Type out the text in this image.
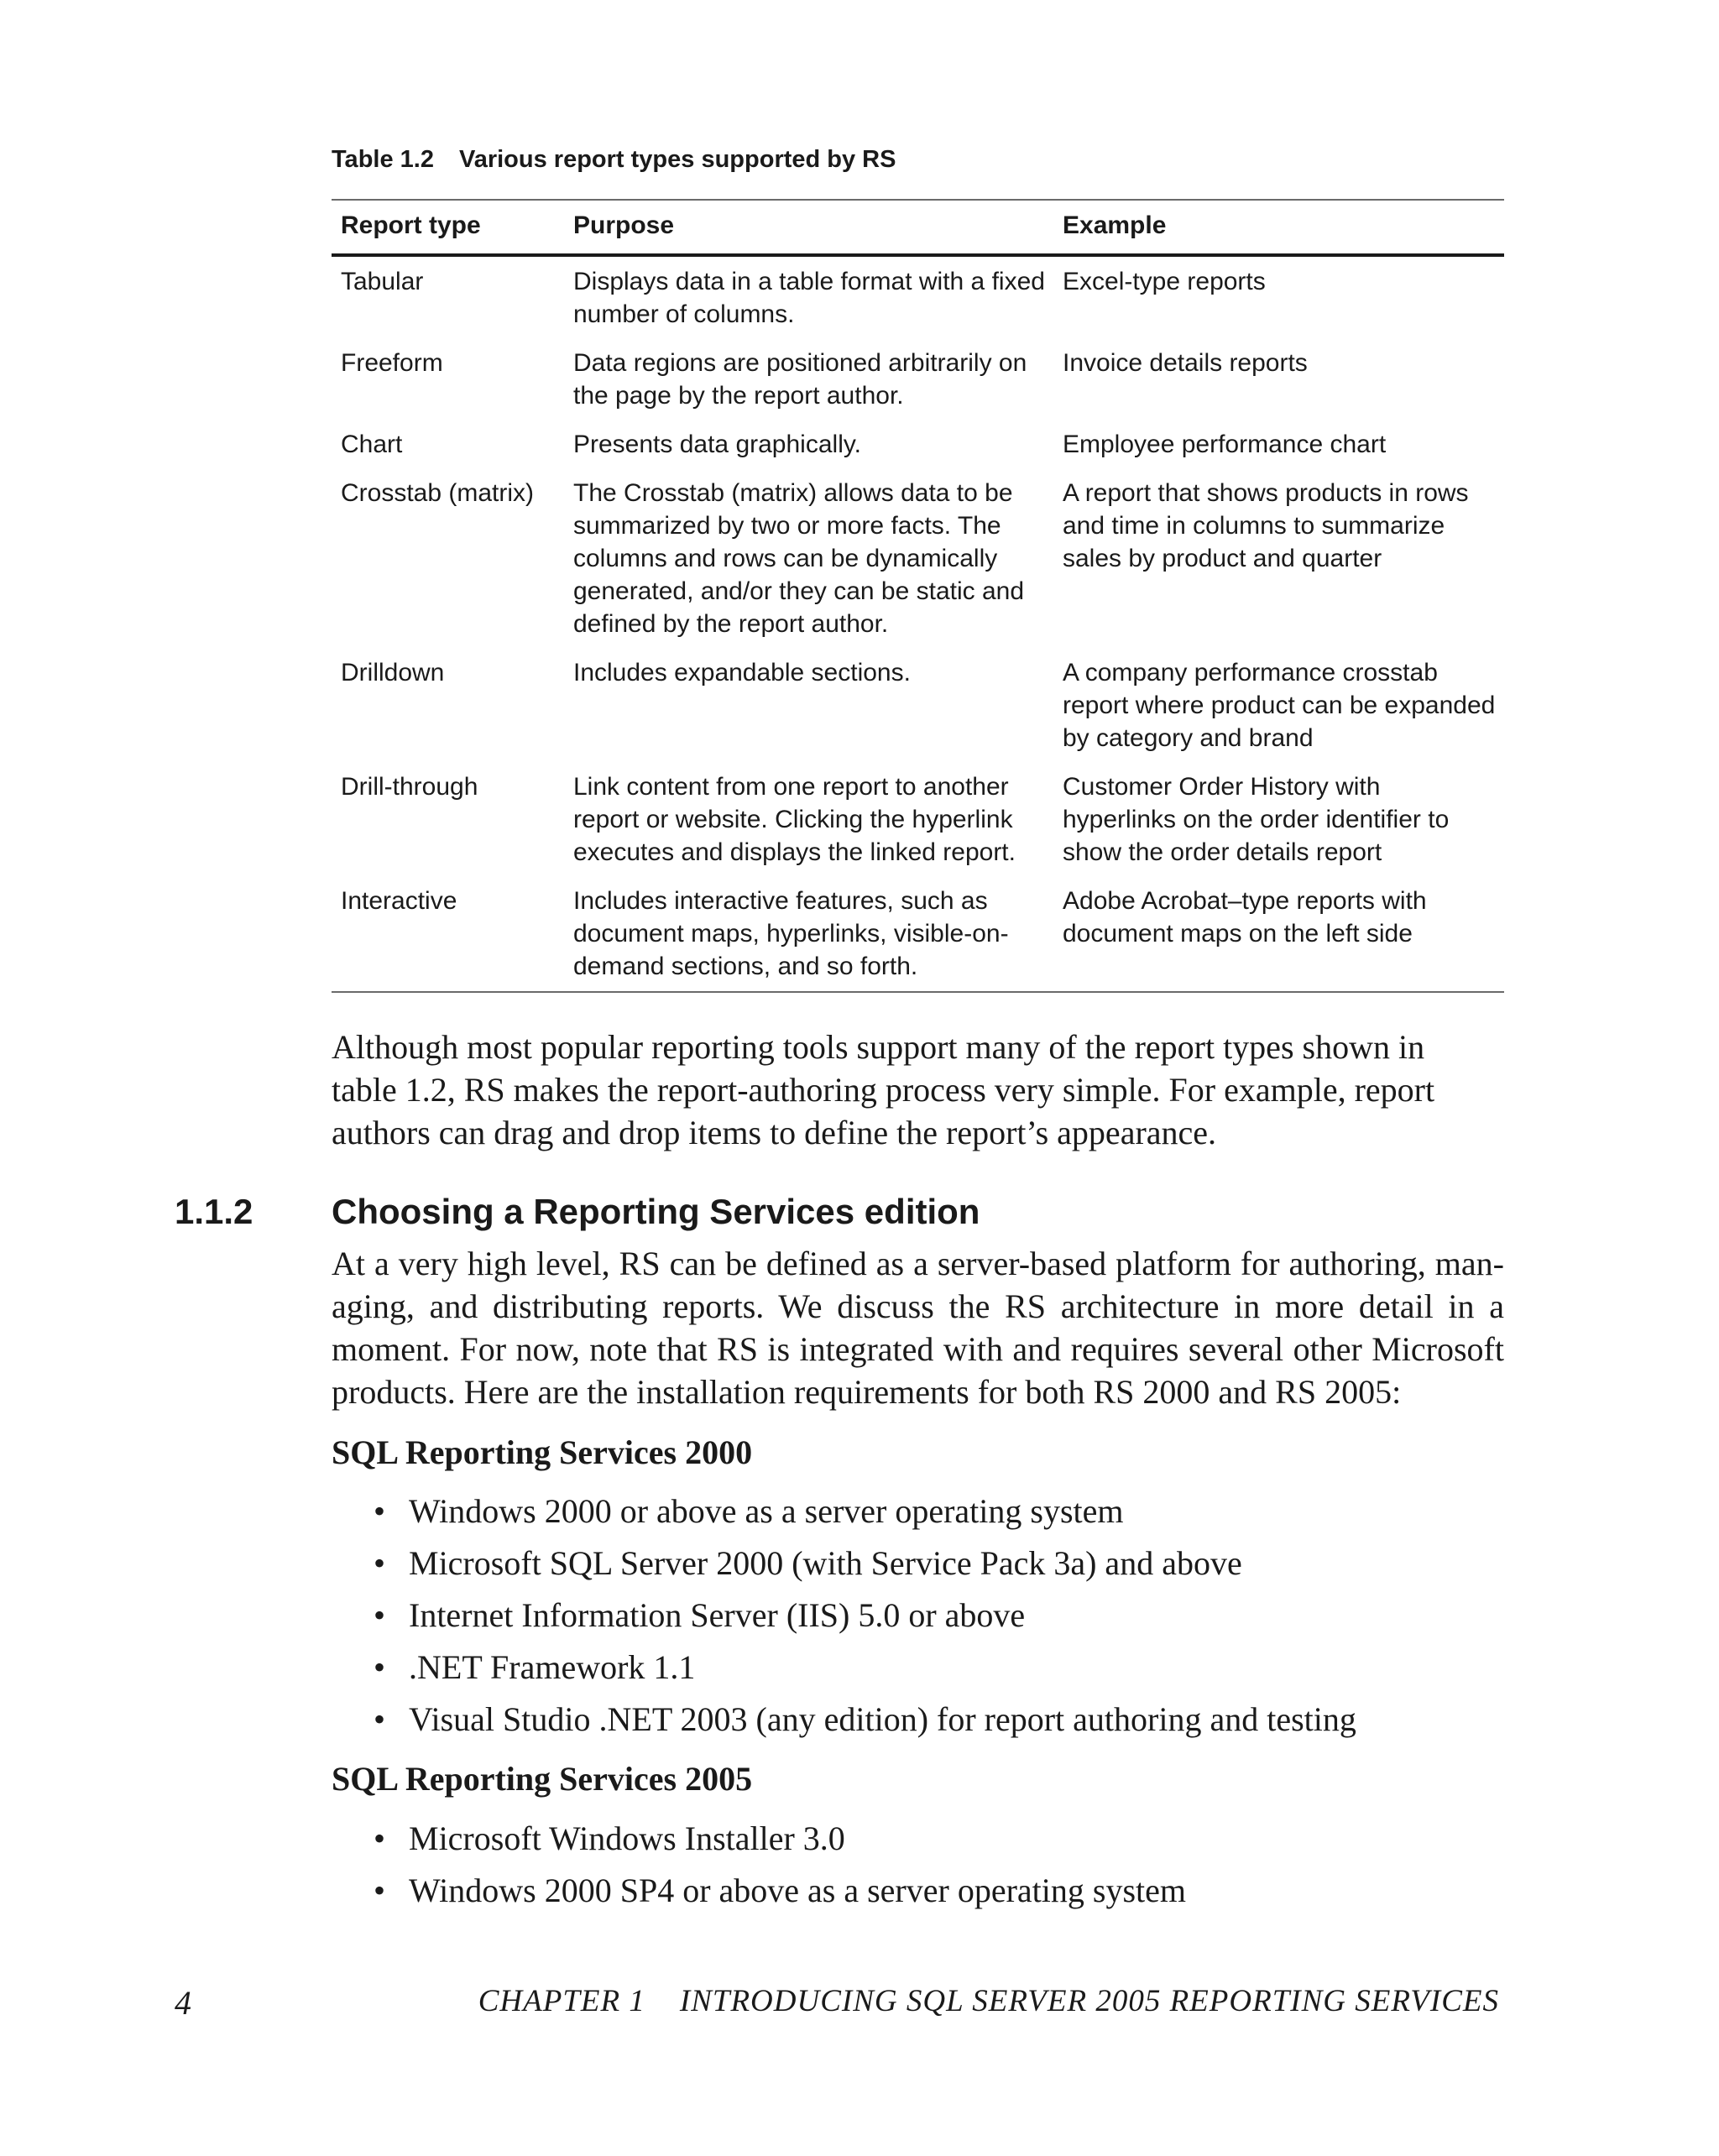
Table 1.2 Various report types supported by RS
Report type	Purpose	Example
Tabular	Displays data in a table format with a fixed number of columns.	Excel-type reports
Freeform	Data regions are positioned arbitrarily on the page by the report author.	Invoice details reports
Chart	Presents data graphically.	Employee performance chart
Crosstab (matrix)	The Crosstab (matrix) allows data to be summarized by two or more facts. The columns and rows can be dynamically generated, and/or they can be static and defined by the report author.	A report that shows products in rows and time in columns to summarize sales by product and quarter
Drilldown	Includes expandable sections.	A company performance crosstab report where product can be expanded by category and brand
Drill-through	Link content from one report to another report or website. Clicking the hyperlink executes and displays the linked report.	Customer Order History with hyperlinks on the order identifier to show the order details report
Interactive	Includes interactive features, such as document maps, hyperlinks, visible-on-demand sections, and so forth.	Adobe Acrobat–type reports with document maps on the left side
Although most popular reporting tools support many of the report types shown in
table 1.2, RS makes the report-authoring process very simple. For example, report
authors can drag and drop items to define the report’s appearance.
1.1.2 Choosing a Reporting Services edition
At a very high level, RS can be defined as a server-based platform for authoring, man-
aging, and distributing reports. We discuss the RS architecture in more detail in a
moment. For now, note that RS is integrated with and requires several other Microsoft
products. Here are the installation requirements for both RS 2000 and RS 2005:
SQL Reporting Services 2000
• Windows 2000 or above as a server operating system
• Microsoft SQL Server 2000 (with Service Pack 3a) and above
• Internet Information Server (IIS) 5.0 or above
• .NET Framework 1.1
• Visual Studio .NET 2003 (any edition) for report authoring and testing
SQL Reporting Services 2005
• Microsoft Windows Installer 3.0
• Windows 2000 SP4 or above as a server operating system
4	CHAPTER 1    INTRODUCING SQL SERVER 2005 REPORTING SERVICES
